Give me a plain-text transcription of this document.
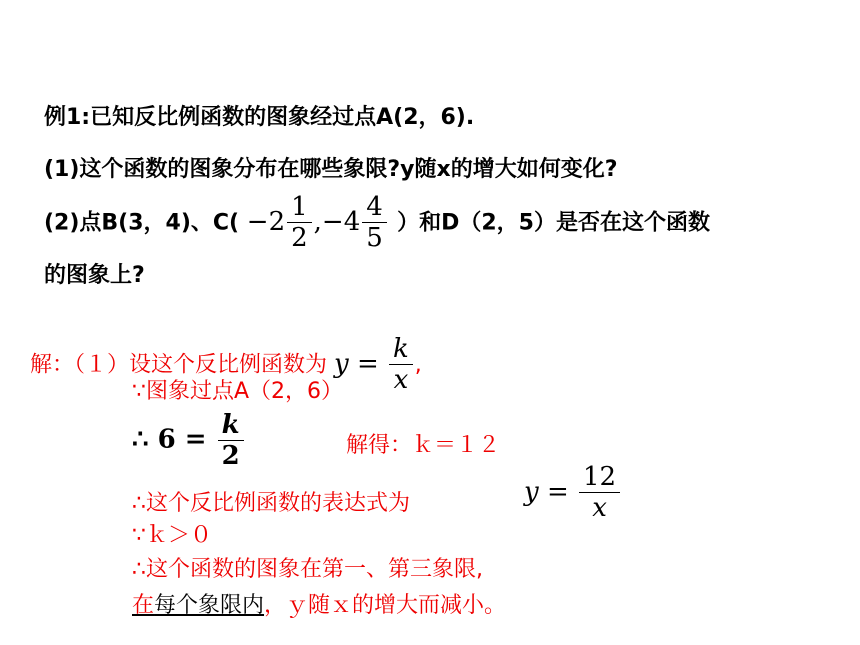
例1:已知反比例函数的图象经过点A(2，6).
(1)这个函数的图象分布在哪些象限?y随x的增大如何变化?
(2)点B(3，4)、$C( -2 \frac{1}{2} ,-4 \frac{4}{5}$ ）和D（2，5）是否在这个函数
的图象上?
解：（１）设这个反比例函数为 $y = \frac{k}{x}$ ,
∵图象过点A（2，6）
∴ $6 = \frac{k}{2}$	解得：ｋ＝１２
∴这个反比例函数的表达式为	$y = \frac{12}{x}$
∵ｋ＞０
∴这个函数的图象在第一、第三象限,
在每个象限内，ｙ随ｘ的增大而减小。
